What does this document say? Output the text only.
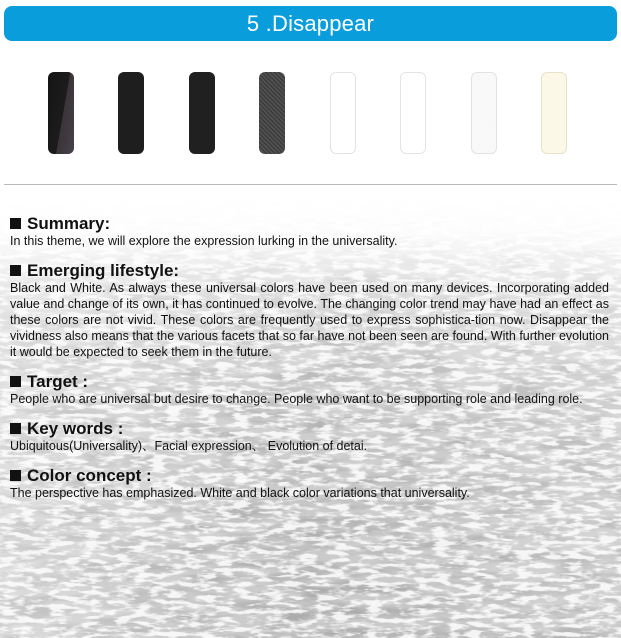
5 .Disappear

Summary:

In this theme, we will explore the expression lurking in the universality.

Emerging lifestyle:

Black and White. As always these universal colors have been used on many devices. Incorporating added value and change of its own, it has continued to evolve. The changing color trend may have had an effect as these colors are not vivid. These colors are frequently used to express sophistica-tion now. Disappear the vividness also means that the various facets that so far have not been seen are found. With further evolution it would be expected to seek them in the future.

Target :

People who are universal but desire to change. People who want to be supporting role and leading role.

Key words :

Ubiquitous(Universality)、Facial expression、 Evolution of detai.

Color concept :

The perspective has emphasized. White and black color variations that universality.
